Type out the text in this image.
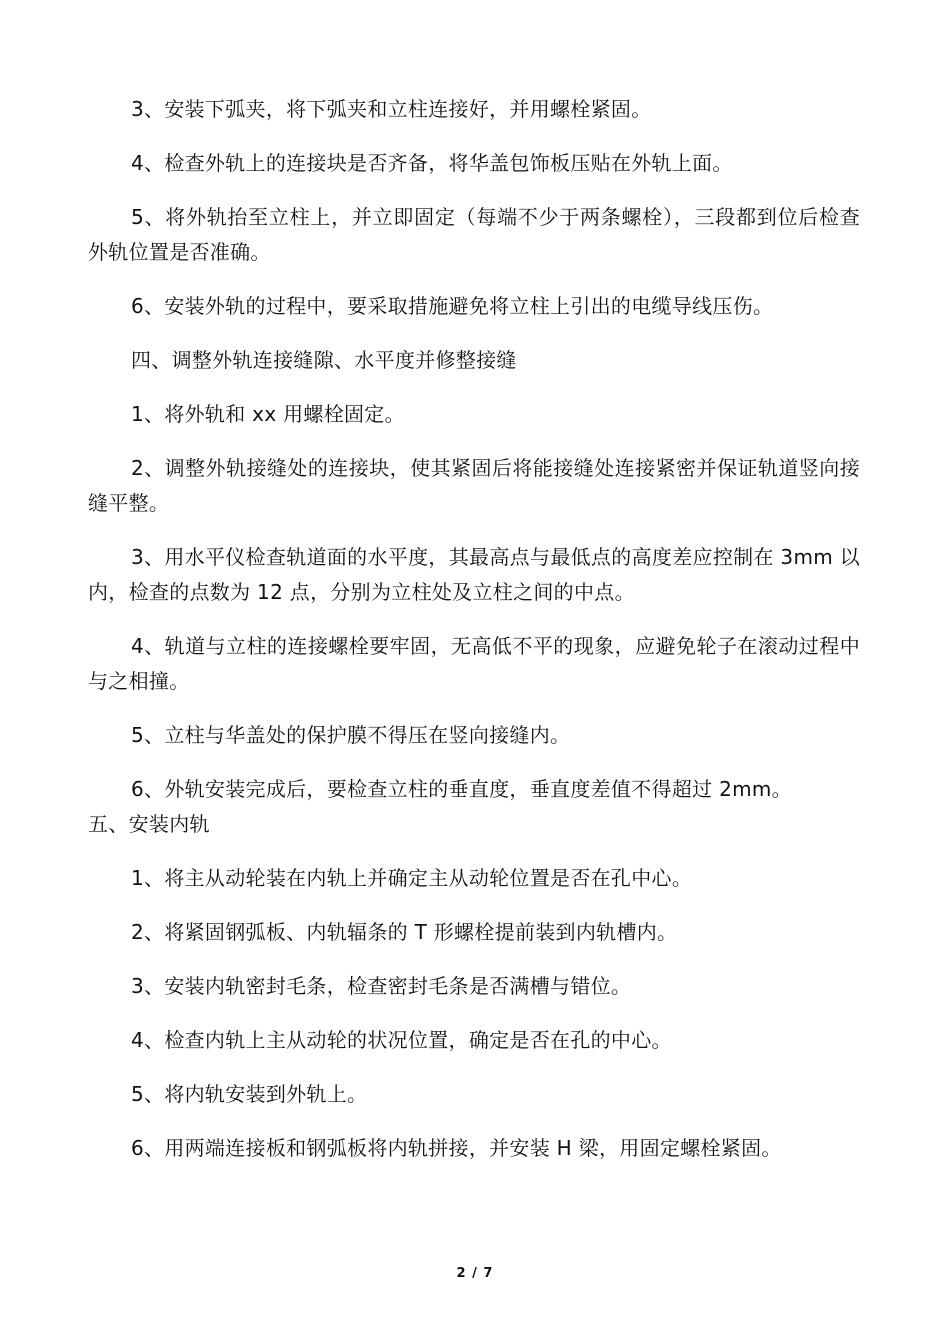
3、安装下弧夹，将下弧夹和立柱连接好，并用螺栓紧固。

4、检查外轨上的连接块是否齐备，将华盖包饰板压贴在外轨上面。

5、将外轨抬至立柱上，并立即固定（每端不少于两条螺栓），三段都到位后检查外轨位置是否准确。

6、安装外轨的过程中，要采取措施避免将立柱上引出的电缆导线压伤。

四、调整外轨连接缝隙、水平度并修整接缝

1、将外轨和 xx 用螺栓固定。

2、调整外轨接缝处的连接块，使其紧固后将能接缝处连接紧密并保证轨道竖向接缝平整。

3、用水平仪检查轨道面的水平度，其最高点与最低点的高度差应控制在 3mm 以内，检查的点数为 12 点，分别为立柱处及立柱之间的中点。

4、轨道与立柱的连接螺栓要牢固，无高低不平的现象，应避免轮子在滚动过程中与之相撞。

5、立柱与华盖处的保护膜不得压在竖向接缝内。

6、外轨安装完成后，要检查立柱的垂直度，垂直度差值不得超过 2mm。

五、安装内轨

1、将主从动轮装在内轨上并确定主从动轮位置是否在孔中心。

2、将紧固钢弧板、内轨辐条的 T 形螺栓提前装到内轨槽内。

3、安装内轨密封毛条，检查密封毛条是否满槽与错位。

4、检查内轨上主从动轮的状况位置，确定是否在孔的中心。

5、将内轨安装到外轨上。

6、用两端连接板和钢弧板将内轨拼接，并安装 H 梁，用固定螺栓紧固。

2 / 7
